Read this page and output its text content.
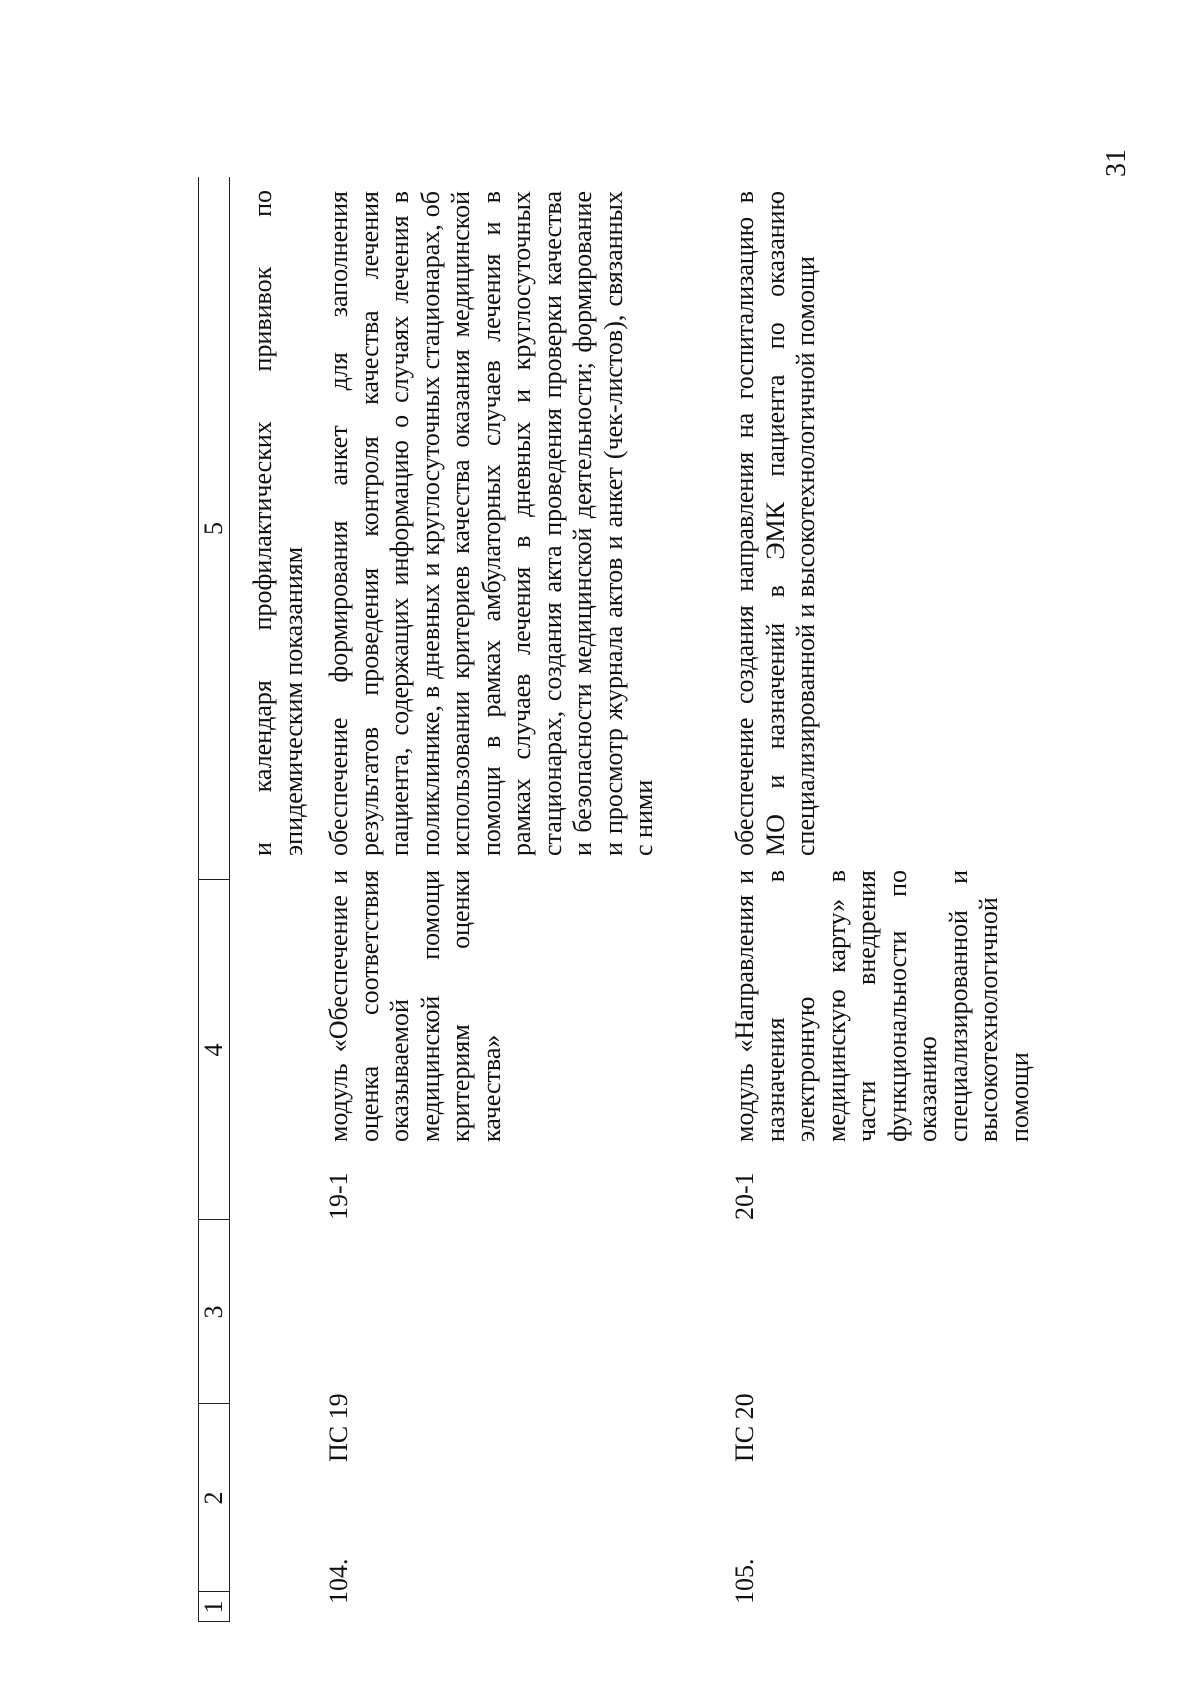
31
1
2
3
4
5 и календаря профилактических прививок по эпидемическим показаниям
104.
ПС 19
19-1
модуль «Обеспечение и оценка соответствия оказываемой медицинской помощи критериям оценки качества»
обеспечение формирования анкет для заполнения результатов проведения контроля качества лечения пациента, содержащих информацию о случаях лечения в поликлинике, в дневных и круглосуточных стационарах, об использовании критериев качества оказания медицинской помощи в рамках амбулаторных случаев лечения и в рамках случаев лечения в дневных и круглосуточных стационарах, создания акта проведения проверки качества и безопасности медицинской деятельности; формирование и просмотр журнала актов и анкет (чек-листов), связанных с ними
105.
ПС 20
20-1
модуль «Направления и назначения в электронную медицинскую карту» в части внедрения функциональности по оказанию специализированной и высокотехнологичной помощи
обеспечение создания направления на госпитализацию в МО и назначений в ЭМК пациента по оказанию специализированной и высокотехнологичной помощи
